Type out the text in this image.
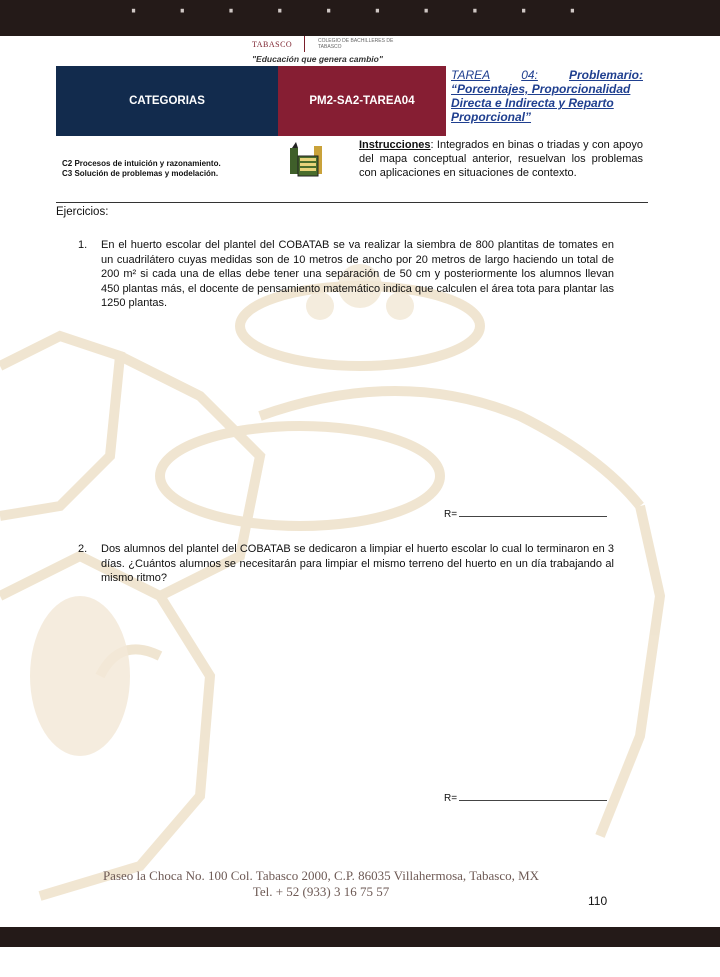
· · · · · · · · · ·
TABASCO	COLEGIO DE BACHILLERES DE TABASCO
"Educación que genera cambio"
CATEGORIAS	PM2-SA2-TAREA04
TAREA	04:	Problemario:
“Porcentajes, Proporcionalidad Directa e Indirecta y Reparto Proporcional”
C2 Procesos de intuición y razonamiento.
C3 Solución de problemas y modelación.
Instrucciones: Integrados en binas o triadas y con apoyo del mapa conceptual anterior, resuelvan los problemas con aplicaciones en situaciones de contexto.
Ejercicios:
1. En el huerto escolar del plantel del COBATAB se va realizar la siembra de 800 plantitas de tomates en un cuadrilátero cuyas medidas son de 10 metros de ancho por 20 metros de largo haciendo un total de 200 m² si cada una de ellas debe tener una separación de 50 cm y posteriormente los alumnos llevan 450 plantas más, el docente de pensamiento matemático indica que calculen el área tota para plantar las 1250 plantas.
R=
2. Dos alumnos del plantel del COBATAB se dedicaron a limpiar el huerto escolar lo cual lo terminaron en 3 días. ¿Cuántos alumnos se necesitarán para limpiar el mismo terreno del huerto en un día trabajando al mismo ritmo?
R=
Paseo la Choca No. 100 Col. Tabasco 2000, C.P. 86035 Villahermosa, Tabasco, MX
Tel. + 52 (933) 3 16 75 57
110
